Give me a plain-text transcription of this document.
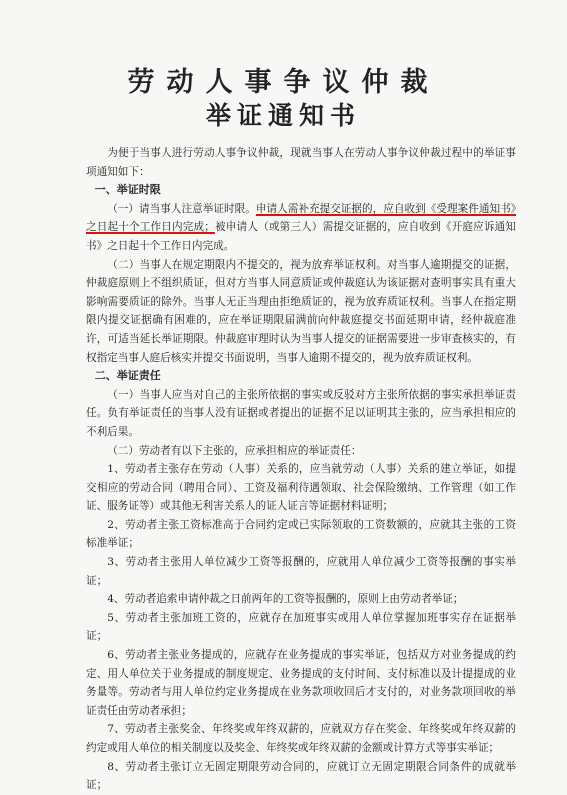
劳动人事争议仲裁
举证通知书

为便于当事人进行劳动人事争议仲裁，现就当事人在劳动人事争议仲裁过程中的举证事项通知如下：

一、举证时限

（一）请当事人注意举证时限。申请人需补充提交证据的，应自收到《受理案件通知书》之日起十个工作日内完成；被申请人（或第三人）需提交证据的，应自收到《开庭应诉通知书》之日起十个工作日内完成。

（二）当事人在规定期限内不提交的，视为放弃举证权利。对当事人逾期提交的证据，仲裁庭原则上不组织质证，但对方当事人同意质证或仲裁庭认为该证据对查明事实具有重大影响需要质证的除外。当事人无正当理由拒绝质证的，视为放弃质证权利。当事人在指定期限内提交证据确有困难的，应在举证期限届满前向仲裁庭提交书面延期申请，经仲裁庭准许，可适当延长举证期限。仲裁庭审理时认为当事人提交的证据需要进一步审查核实的，有权指定当事人庭后核实并提交书面说明，当事人逾期不提交的，视为放弃质证权利。

二、举证责任

（一）当事人应当对自己的主张所依据的事实或反驳对方主张所依据的事实承担举证责任。负有举证责任的当事人没有证据或者提出的证据不足以证明其主张的，应当承担相应的不利后果。

（二）劳动者有以下主张的，应承担相应的举证责任：

1、劳动者主张存在劳动（人事）关系的，应当就劳动（人事）关系的建立举证，如提交相应的劳动合同（聘用合同）、工资及福利待遇领取、社会保险缴纳、工作管理（如工作证、服务证等）或其他无利害关系人的证人证言等证据材料证明；

2、劳动者主张工资标准高于合同约定或已实际领取的工资数额的，应就其主张的工资标准举证；

3、劳动者主张用人单位减少工资等报酬的，应就用人单位减少工资等报酬的事实举证；

4、劳动者追索申请仲裁之日前两年的工资等报酬的，原则上由劳动者举证；

5、劳动者主张加班工资的，应就存在加班事实或用人单位掌握加班事实存在证据举证；

6、劳动者主张业务提成的，应就存在业务提成的事实举证，包括双方对业务提成的约定、用人单位关于业务提成的制度规定、业务提成的支付时间、支付标准以及计提提成的业务量等。劳动者与用人单位约定业务提成在业务款项收回后才支付的，对业务款项回收的举证责任由劳动者承担；

7、劳动者主张奖金、年终奖或年终双薪的，应就双方存在奖金、年终奖或年终双薪的约定或用人单位的相关制度以及奖金、年终奖或年终双薪的金额或计算方式等事实举证；

8、劳动者主张订立无固定期限劳动合同的，应就订立无固定期限合同条件的成就举证；
